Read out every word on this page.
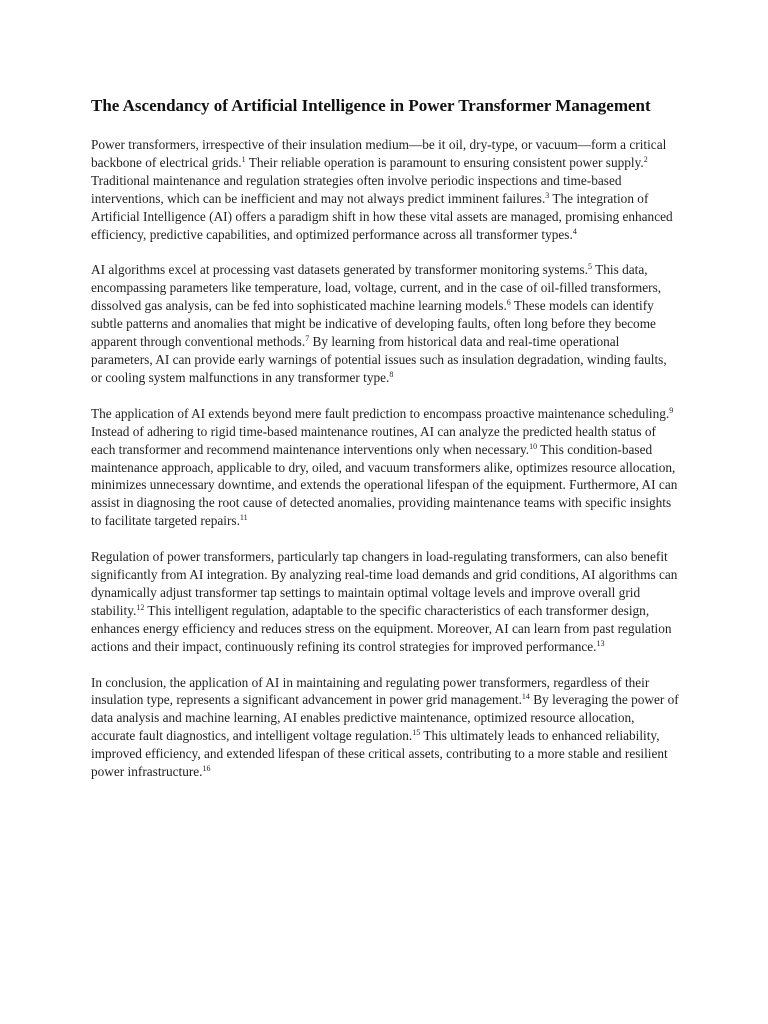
The Ascendancy of Artificial Intelligence in Power Transformer Management

Power transformers, irrespective of their insulation medium—be it oil, dry-type, or vacuum—form a critical backbone of electrical grids.$^1$ Their reliable operation is paramount to ensuring consistent power supply.$^2$ Traditional maintenance and regulation strategies often involve periodic inspections and time-based interventions, which can be inefficient and may not always predict imminent failures.$^3$ The integration of Artificial Intelligence (AI) offers a paradigm shift in how these vital assets are managed, promising enhanced efficiency, predictive capabilities, and optimized performance across all transformer types.$^4$

AI algorithms excel at processing vast datasets generated by transformer monitoring systems.$^5$ This data, encompassing parameters like temperature, load, voltage, current, and in the case of oil-filled transformers, dissolved gas analysis, can be fed into sophisticated machine learning models.$^6$ These models can identify subtle patterns and anomalies that might be indicative of developing faults, often long before they become apparent through conventional methods.$^7$ By learning from historical data and real-time operational parameters, AI can provide early warnings of potential issues such as insulation degradation, winding faults, or cooling system malfunctions in any transformer type.$^8$

The application of AI extends beyond mere fault prediction to encompass proactive maintenance scheduling.$^9$ Instead of adhering to rigid time-based maintenance routines, AI can analyze the predicted health status of each transformer and recommend maintenance interventions only when necessary.$^{10}$ This condition-based maintenance approach, applicable to dry, oiled, and vacuum transformers alike, optimizes resource allocation, minimizes unnecessary downtime, and extends the operational lifespan of the equipment. Furthermore, AI can assist in diagnosing the root cause of detected anomalies, providing maintenance teams with specific insights to facilitate targeted repairs.$^{11}$

Regulation of power transformers, particularly tap changers in load-regulating transformers, can also benefit significantly from AI integration. By analyzing real-time load demands and grid conditions, AI algorithms can dynamically adjust transformer tap settings to maintain optimal voltage levels and improve overall grid stability.$^{12}$ This intelligent regulation, adaptable to the specific characteristics of each transformer design, enhances energy efficiency and reduces stress on the equipment. Moreover, AI can learn from past regulation actions and their impact, continuously refining its control strategies for improved performance.$^{13}$

In conclusion, the application of AI in maintaining and regulating power transformers, regardless of their insulation type, represents a significant advancement in power grid management.$^{14}$ By leveraging the power of data analysis and machine learning, AI enables predictive maintenance, optimized resource allocation, accurate fault diagnostics, and intelligent voltage regulation.$^{15}$ This ultimately leads to enhanced reliability, improved efficiency, and extended lifespan of these critical assets, contributing to a more stable and resilient power infrastructure.$^{16}$
